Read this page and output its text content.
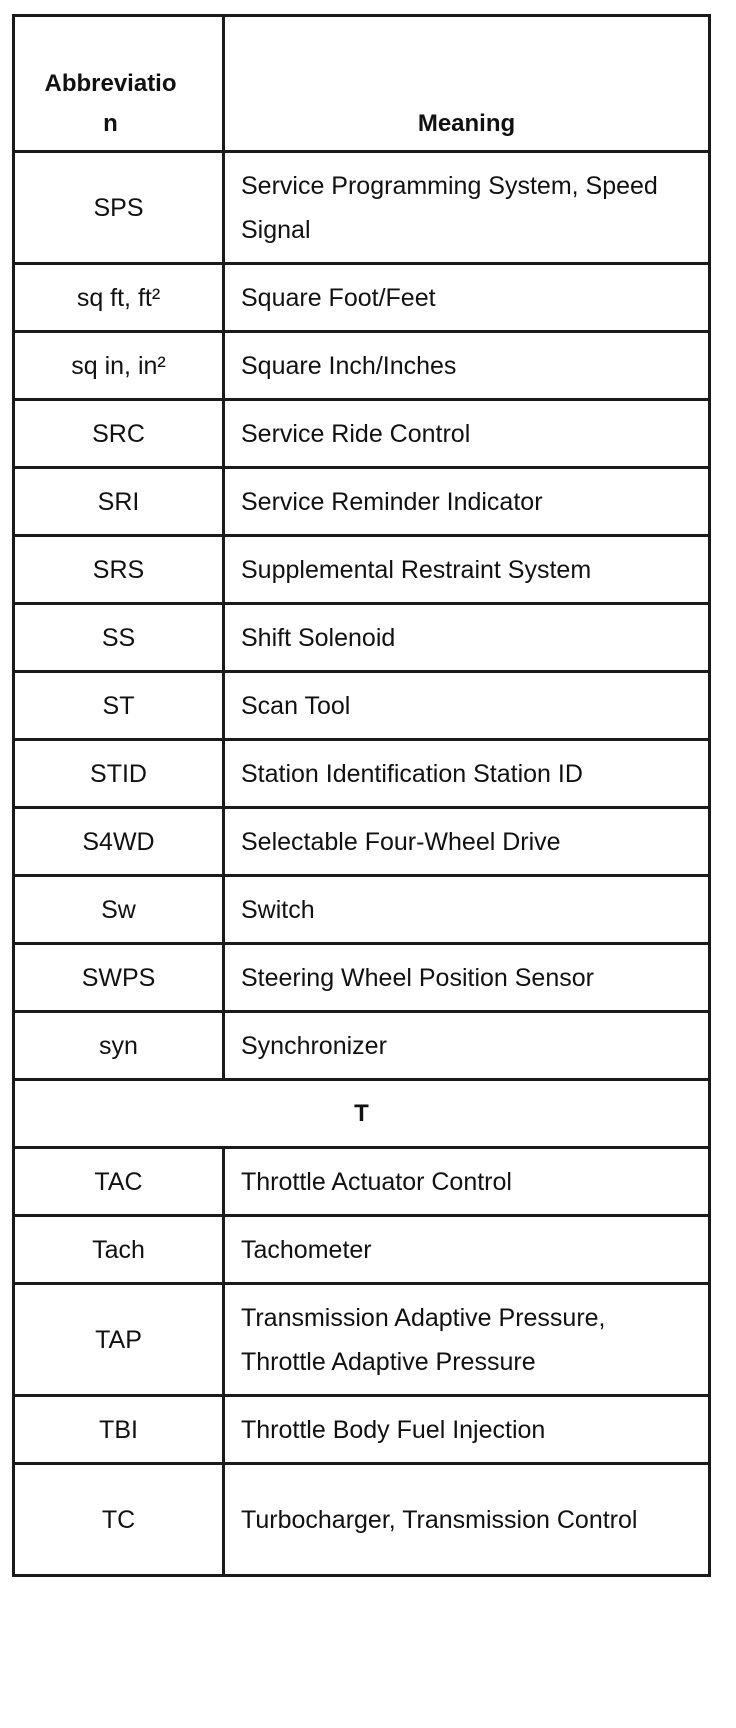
Abbreviation	Meaning
SPS	Service Programming System, Speed Signal
sq ft, ft²	Square Foot/Feet
sq in, in²	Square Inch/Inches
SRC	Service Ride Control
SRI	Service Reminder Indicator
SRS	Supplemental Restraint System
SS	Shift Solenoid
ST	Scan Tool
STID	Station Identification Station ID
S4WD	Selectable Four-Wheel Drive
Sw	Switch
SWPS	Steering Wheel Position Sensor
syn	Synchronizer
T	
TAC	Throttle Actuator Control
Tach	Tachometer
TAP	Transmission Adaptive Pressure, Throttle Adaptive Pressure
TBI	Throttle Body Fuel Injection
TC	Turbocharger, Transmission Control
